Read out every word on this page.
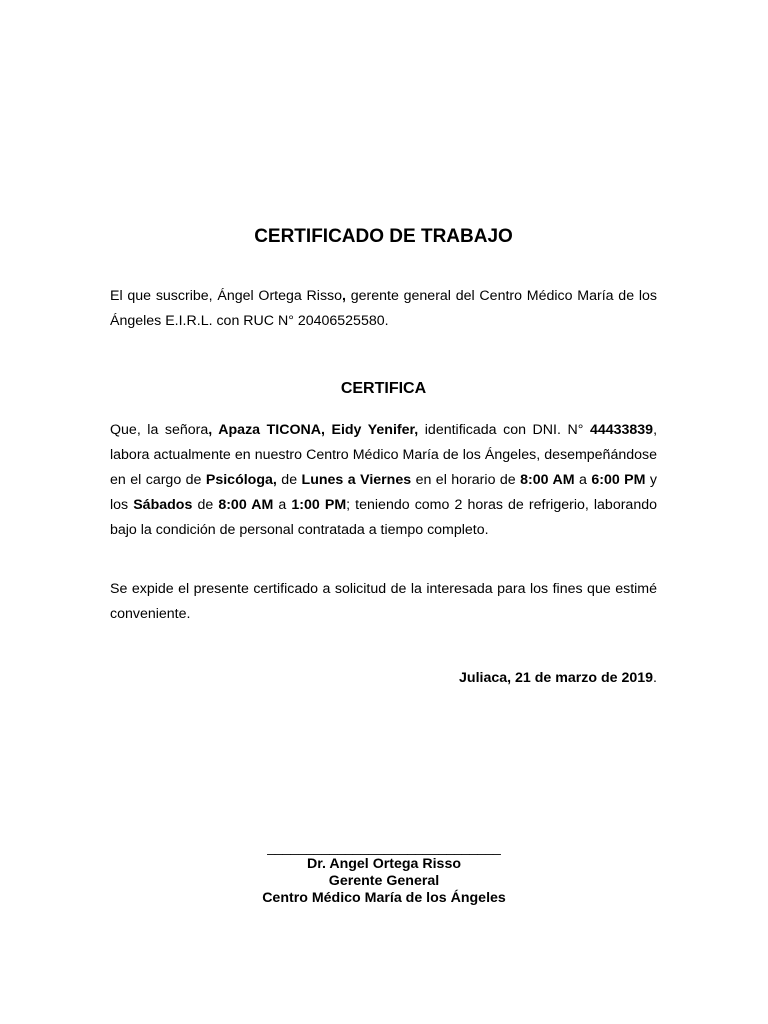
CERTIFICADO DE TRABAJO

El que suscribe, Ángel Ortega Risso, gerente general del Centro Médico María de los Ángeles E.I.R.L. con RUC N° 20406525580.

CERTIFICA

Que, la señora, Apaza TICONA, Eidy Yenifer, identificada con DNI. N° 44433839, labora actualmente en nuestro Centro Médico María de los Ángeles, desempeñándose en el cargo de Psicóloga, de Lunes a Viernes en el horario de 8:00 AM a 6:00 PM y los Sábados de 8:00 AM a 1:00 PM; teniendo como 2 horas de refrigerio, laborando bajo la condición de personal contratada a tiempo completo.

Se expide el presente certificado a solicitud de la interesada para los fines que estimé conveniente.

Juliaca, 21 de marzo de 2019.

______________________________
Dr. Angel Ortega Risso
Gerente General
Centro Médico María de los Ángeles
